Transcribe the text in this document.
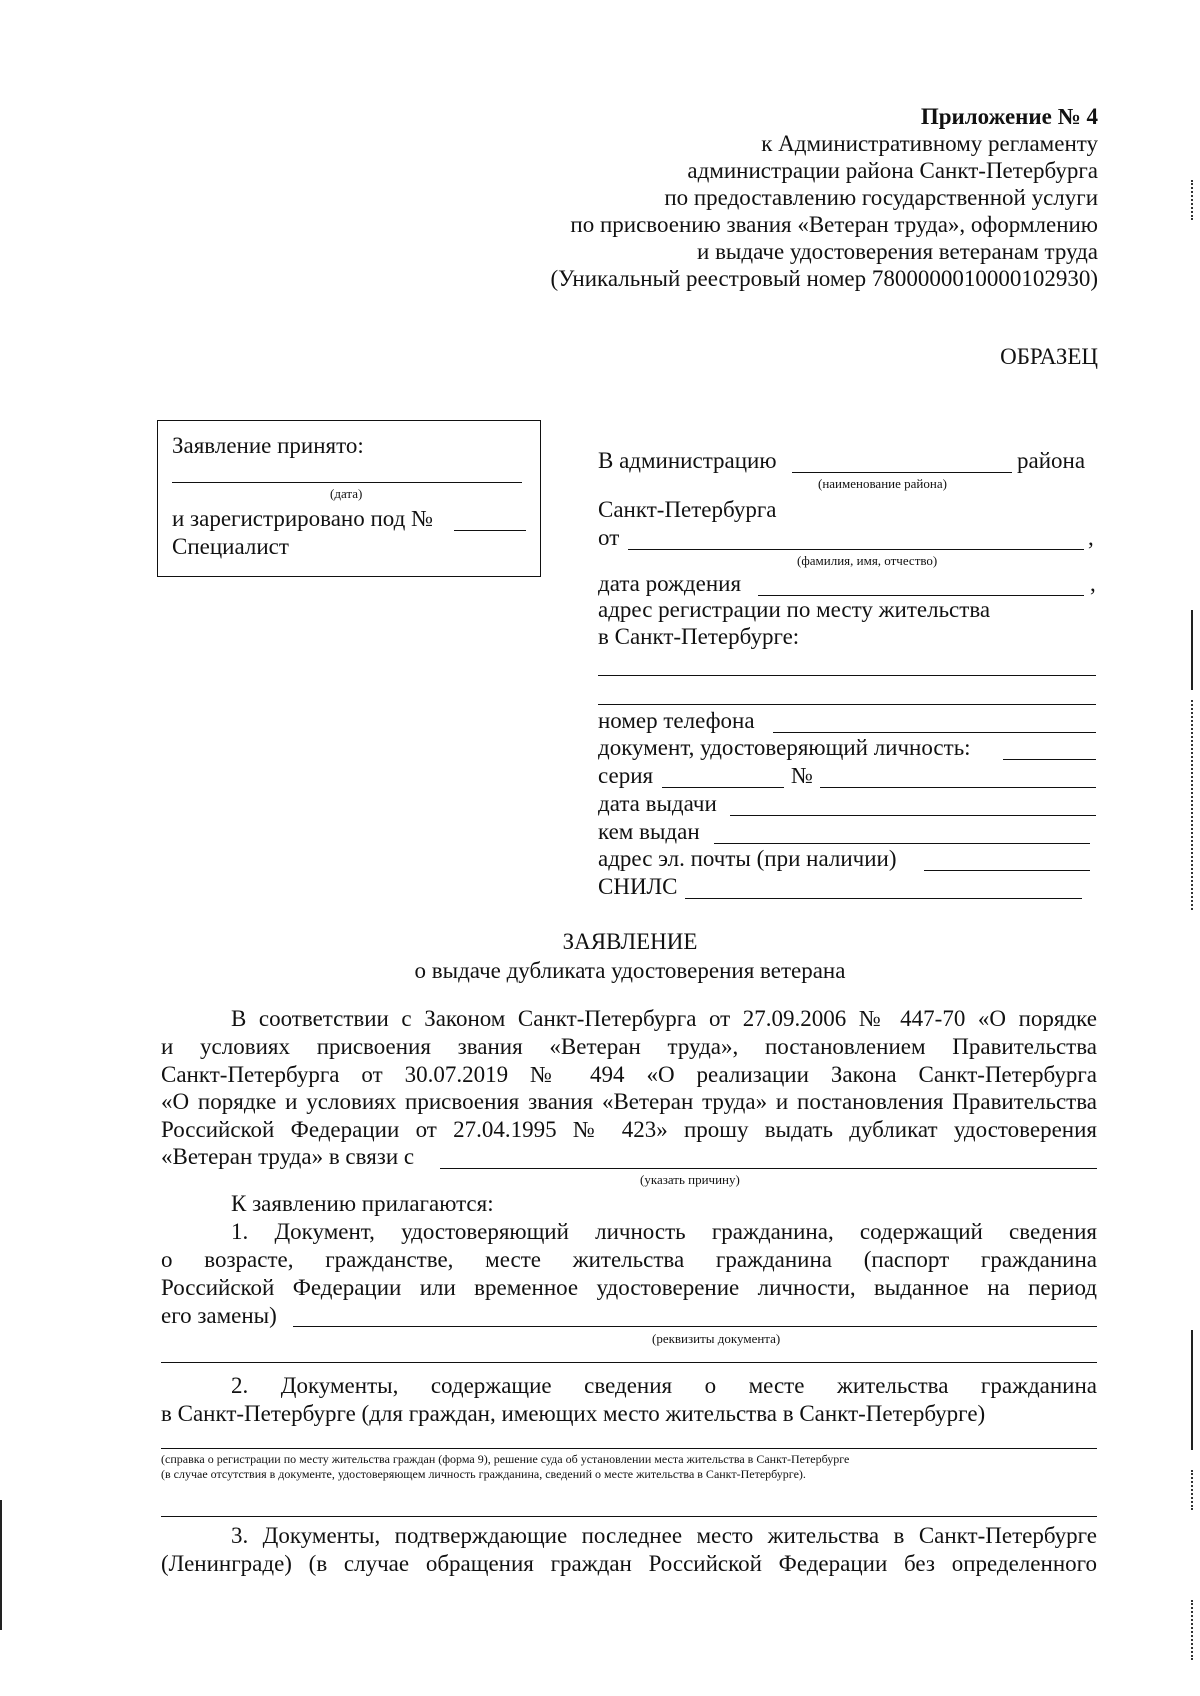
Приложение № 4
к Административному регламенту
администрации района Санкт-Петербурга
по предоставлению государственной услуги
по присвоению звания «Ветеран труда», оформлению
и выдаче удостоверения ветеранам труда
(Уникальный реестровый номер 7800000010000102930)
ОБРАЗЕЦ
Заявление принято:
(дата)
и зарегистрировано под №
Специалист
В администрацию	района
(наименование района)
Санкт-Петербурга
от	,
(фамилия, имя, отчество)
дата рождения	,
адрес регистрации по месту жительства
в Санкт-Петербурге:
номер телефона
документ, удостоверяющий личность:
серия	№
дата выдачи
кем выдан
адрес эл. почты (при наличии)
СНИЛС
ЗАЯВЛЕНИЕ
о выдаче дубликата удостоверения ветерана
В соответствии с Законом Санкт-Петербурга от 27.09.2006 № 447-70 «О порядке
и условиях присвоения звания «Ветеран труда», постановлением Правительства
Санкт-Петербурга от 30.07.2019 № 494 «О реализации Закона Санкт-Петербурга
«О порядке и условиях присвоения звания «Ветеран труда» и постановления Правительства
Российской Федерации от 27.04.1995 № 423» прошу выдать дубликат удостоверения
«Ветеран труда» в связи с
(указать причину)
К заявлению прилагаются:
1. Документ, удостоверяющий личность гражданина, содержащий сведения
о возрасте, гражданстве, месте жительства гражданина (паспорт гражданина
Российской Федерации или временное удостоверение личности, выданное на период
его замены)
(реквизиты документа)
2. Документы, содержащие сведения о месте жительства гражданина
в Санкт-Петербурге (для граждан, имеющих место жительства в Санкт-Петербурге)
(справка о регистрации по месту жительства граждан (форма 9), решение суда об установлении места жительства в Санкт-Петербурге
(в случае отсутствия в документе, удостоверяющем личность гражданина, сведений о месте жительства в Санкт-Петербурге).
3. Документы, подтверждающие последнее место жительства в Санкт-Петербурге
(Ленинграде) (в случае обращения граждан Российской Федерации без определенного
